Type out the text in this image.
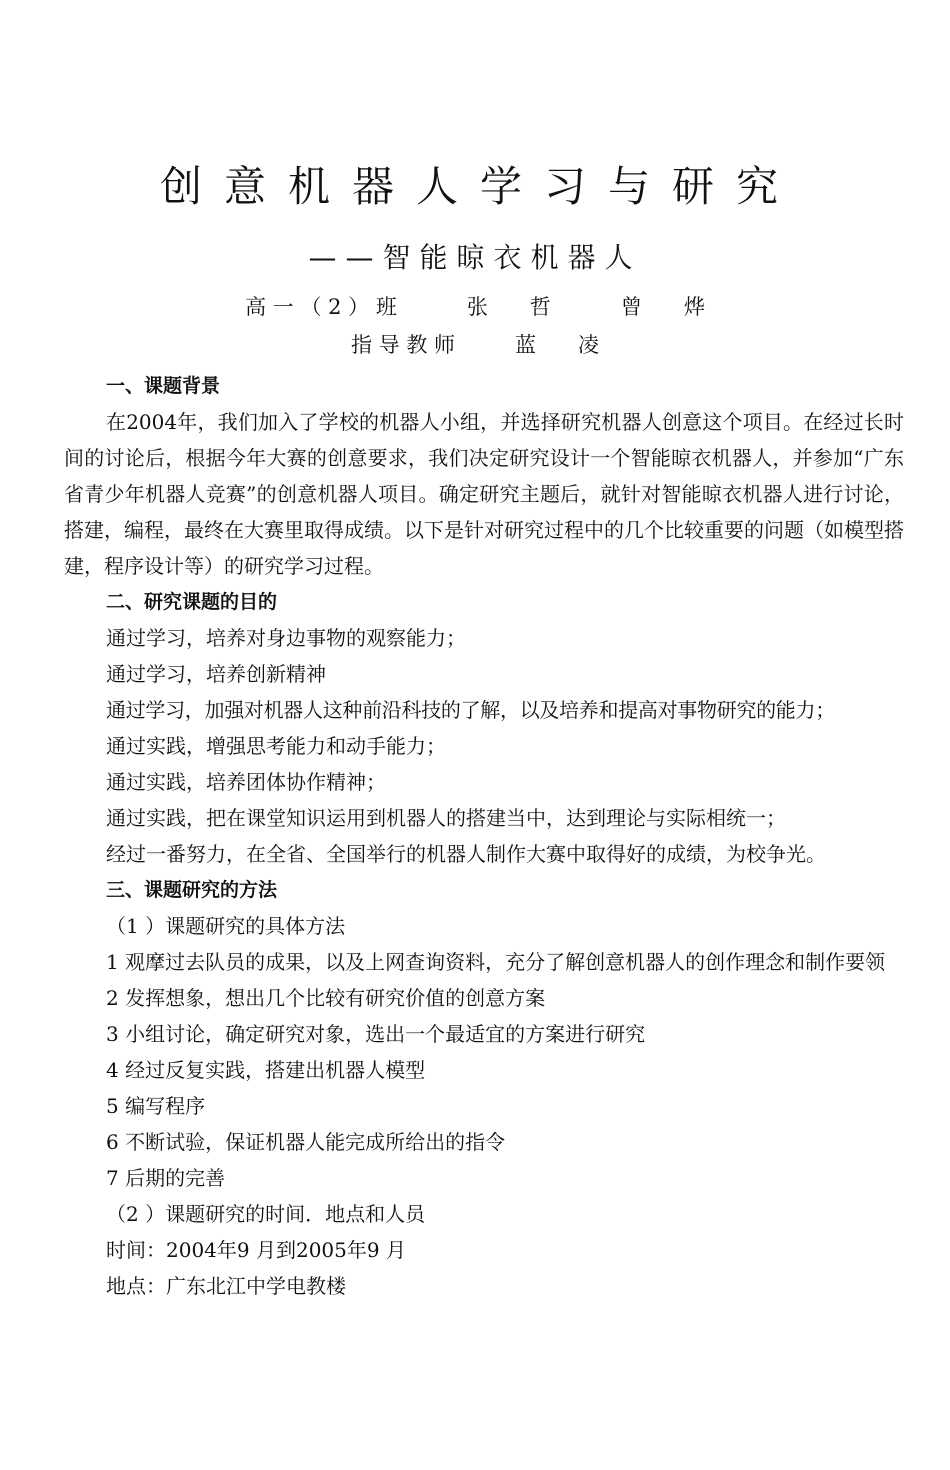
创意机器人学习与研究
——智能晾衣机器人
高 一 （ 2 ） 班	张　　哲	曾　　烨
指 导 教 师	蓝　　凌

一、课题背景

在2004年，我们加入了学校的机器人小组，并选择研究机器人创意这个项目。在经过长时间的讨论后，根据今年大赛的创意要求，我们决定研究设计一个智能晾衣机器人，并参加“广东省青少年机器人竞赛”的创意机器人项目。确定研究主题后，就针对智能晾衣机器人进行讨论，搭建，编程，最终在大赛里取得成绩。以下是针对研究过程中的几个比较重要的问题（如模型搭建，程序设计等）的研究学习过程。

二、研究课题的目的

通过学习，培养对身边事物的观察能力；

通过学习，培养创新精神

通过学习，加强对机器人这种前沿科技的了解，以及培养和提高对事物研究的能力；

通过实践，增强思考能力和动手能力；

通过实践，培养团体协作精神；

通过实践，把在课堂知识运用到机器人的搭建当中，达到理论与实际相统一；

经过一番努力，在全省、全国举行的机器人制作大赛中取得好的成绩，为校争光。

三、课题研究的方法

（1 ）课题研究的具体方法

1 观摩过去队员的成果，以及上网查询资料，充分了解创意机器人的创作理念和制作要领

2 发挥想象，想出几个比较有研究价值的创意方案

3 小组讨论，确定研究对象，选出一个最适宜的方案进行研究

4 经过反复实践，搭建出机器人模型

5 编写程序

6 不断试验，保证机器人能完成所给出的指令

7 后期的完善

（2 ）课题研究的时间．地点和人员

时间：2004年9 月到2005年9 月

地点：广东北江中学电教楼
